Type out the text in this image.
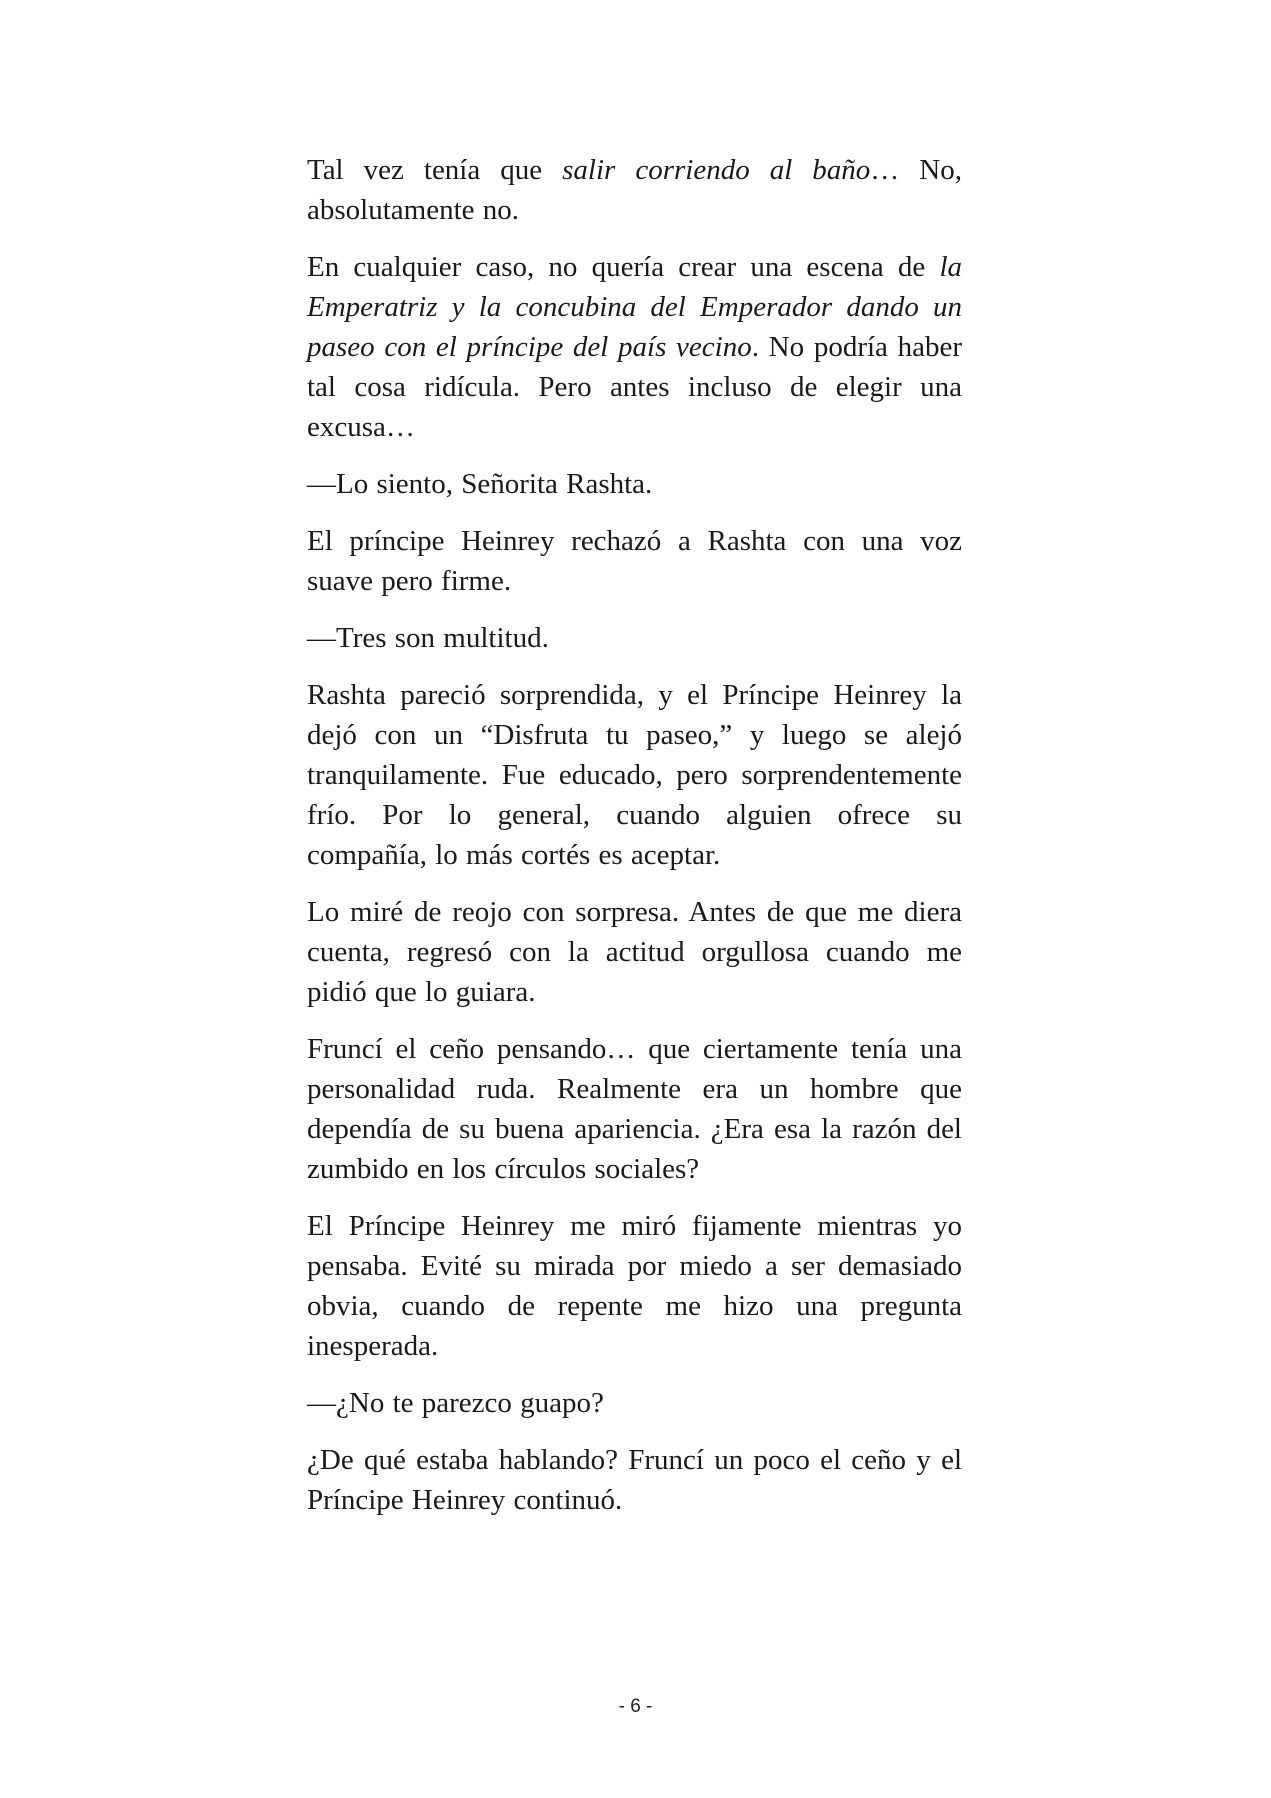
Tal vez tenía que salir corriendo al baño… No, absolutamente no.

En cualquier caso, no quería crear una escena de la Emperatriz y la concubina del Emperador dando un paseo con el príncipe del país vecino. No podría haber tal cosa ridícula. Pero antes incluso de elegir una excusa…

—Lo siento, Señorita Rashta.

El príncipe Heinrey rechazó a Rashta con una voz suave pero firme.

—Tres son multitud.

Rashta pareció sorprendida, y el Príncipe Heinrey la dejó con un “Disfruta tu paseo,” y luego se alejó tranquilamente. Fue educado, pero sorprendentemente frío. Por lo general, cuando alguien ofrece su compañía, lo más cortés es aceptar.

Lo miré de reojo con sorpresa. Antes de que me diera cuenta, regresó con la actitud orgullosa cuando me pidió que lo guiara.

Fruncí el ceño pensando… que ciertamente tenía una personalidad ruda. Realmente era un hombre que dependía de su buena apariencia. ¿Era esa la razón del zumbido en los círculos sociales?

El Príncipe Heinrey me miró fijamente mientras yo pensaba. Evité su mirada por miedo a ser demasiado obvia, cuando de repente me hizo una pregunta inesperada.

—¿No te parezco guapo?

¿De qué estaba hablando? Fruncí un poco el ceño y el Príncipe Heinrey continuó.

- 6 -
